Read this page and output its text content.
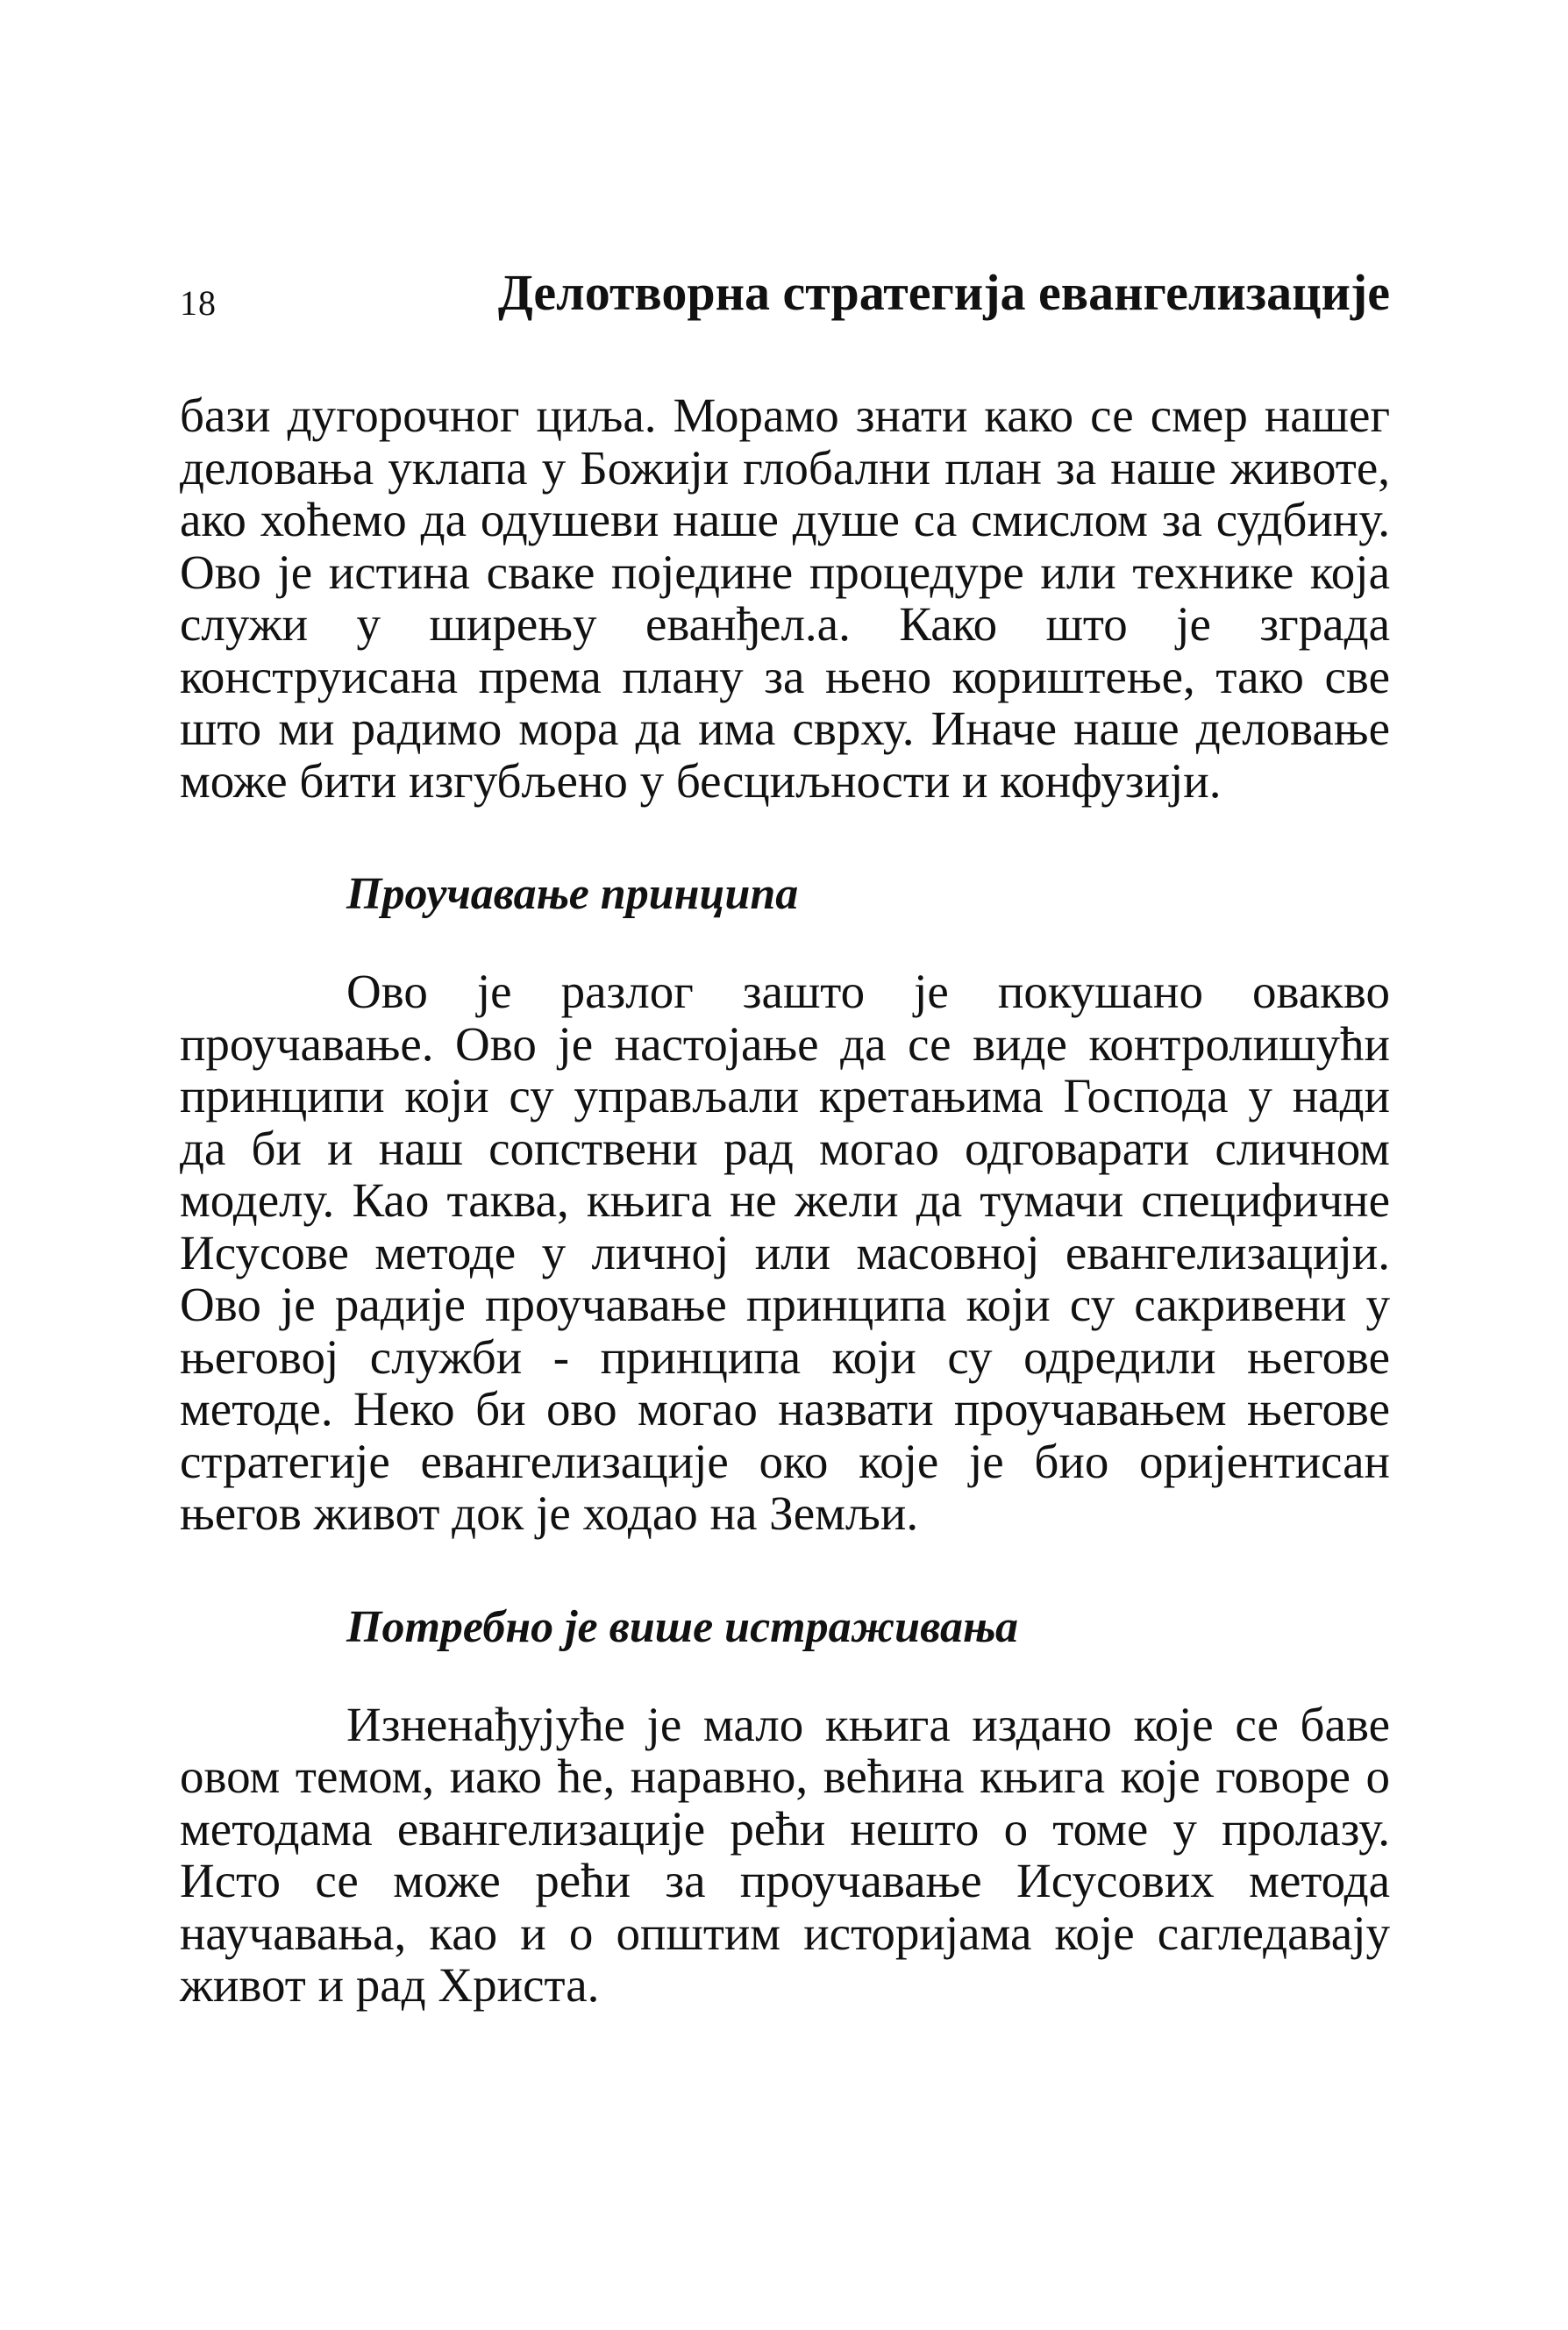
18	Делотворна стратегија евангелизације

бази дугорочног циља. Морамо знати како се смер нашег деловања уклапа у Божији глобални план за наше животе, ако хоћемо да одушеви наше душе са смислом за судбину. Ово је истина сваке појединe процедуре или технике која служи у ширењу еванђел.а. Како што је зграда конструисана према плану за њено кориштење, тако све што ми радимо мора да има сврху. Иначе наше деловање може бити изгубљено у бесциљности и конфузији.

Проучавање принципа

Ово је разлог зашто је покушано овакво проучавање. Ово је настојање да се виде контролишући принципи који су управљали кретањима Господа у нади да би и наш сопствени рад могао одговарати сличном моделу. Као таква, књига не жели да тумачи специфичне Исусове методе у личној или масовној евангелизацији. Ово је радије проучавање принципа који су сакривени у његовој служби - принципа који су одредили његове методе. Неко би ово могао назвати проучавањем његове стратегије евангелизације око које је био оријентисан његов живот док је ходао на Земљи.

Потребно је више истраживања

Изненађујуће је мало књига издано које се баве овом темом, иако ће, наравно, већина књига које говоре о методама евангелизације рећи нешто о томе у пролазу. Исто се може рећи за проучавање Исусових метода научавања, као и о општим историјама које сагледавају живот и рад Христа.
